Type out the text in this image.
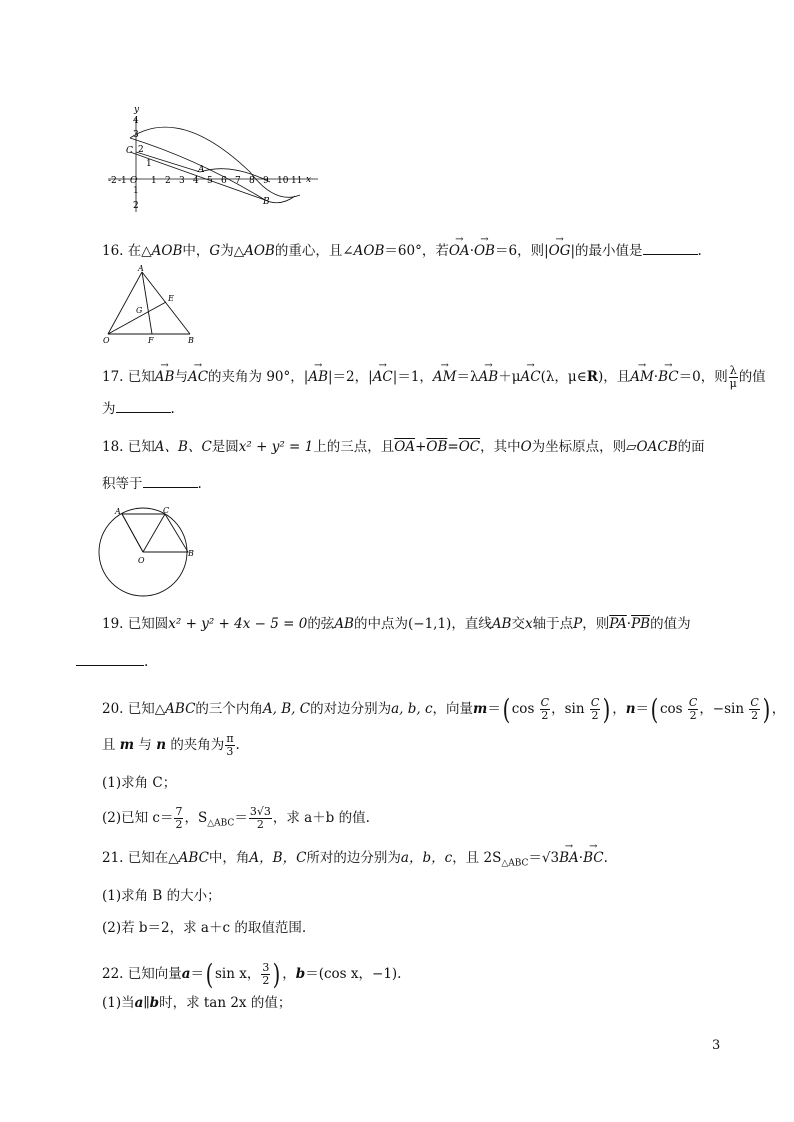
y
x
4
3
2
1
1
2
-2 -1 O 1 2 3 4 5 6 7 8 9 10 11
C
A
B
16. 在△AOB中，G为△AOB的重心，且∠AOB＝60°，若→ OA·→ OB＝6，则|→ OG|的最小值是	.
A
E
G
O	F	B
17. 已知→ AB与→ AC的夹角为 90°，|→ AB|＝2，|→ AC|＝1，→ AM＝λ→ AB＋μ→ AC(λ，μ∈R)，且→ AM·→ BC＝0，则 $\frac{\lambda}{\mu}$ 的值
为	.
18. 已知A、B、C是圆x² + y² = 1上的三点，且$\overline{OA}+\overline{OB}=\overline{OC}$，其中O为坐标原点，则▱OACB的面
积等于	.
A	C
O
B
19. 已知圆x² + y² + 4x − 5 = 0的弦AB的中点为(−1,1)，直线AB交x轴于点P，则$\overline{PA}\cdot\overline{PB}$的值为
.
20. 已知△ABC的三个内角A, B, C的对边分别为a, b, c，向量m＝( $\cos \frac{C}{2}$ ，$\sin \frac{C}{2}$ ) ，n＝( $\cos \frac{C}{2}$ ，$-\sin \frac{C}{2}$ ) ，
且 m 与 n 的夹角为 $\frac{\pi}{3}$ .
(1)求角 C；
(2)已知 $c= \frac{7}{2}$ ，$S_{\triangle ABC}= \frac{3√3}{2}$ ，求 a＋b 的值.
21. 已知在△ABC中，角A，B，C所对的边分别为a，b，c，且 $2S_{\triangle ABC}=√3\to BA\cdot\to$ BC.
(1)求角 B 的大小；
(2)若 b＝2，求 a＋c 的取值范围.
22. 已知向量a＝( sin x， $\frac{3}{2}$ ) ，b＝(cos x，−1).
(1)当a∥b时，求 tan 2x 的值；
3
